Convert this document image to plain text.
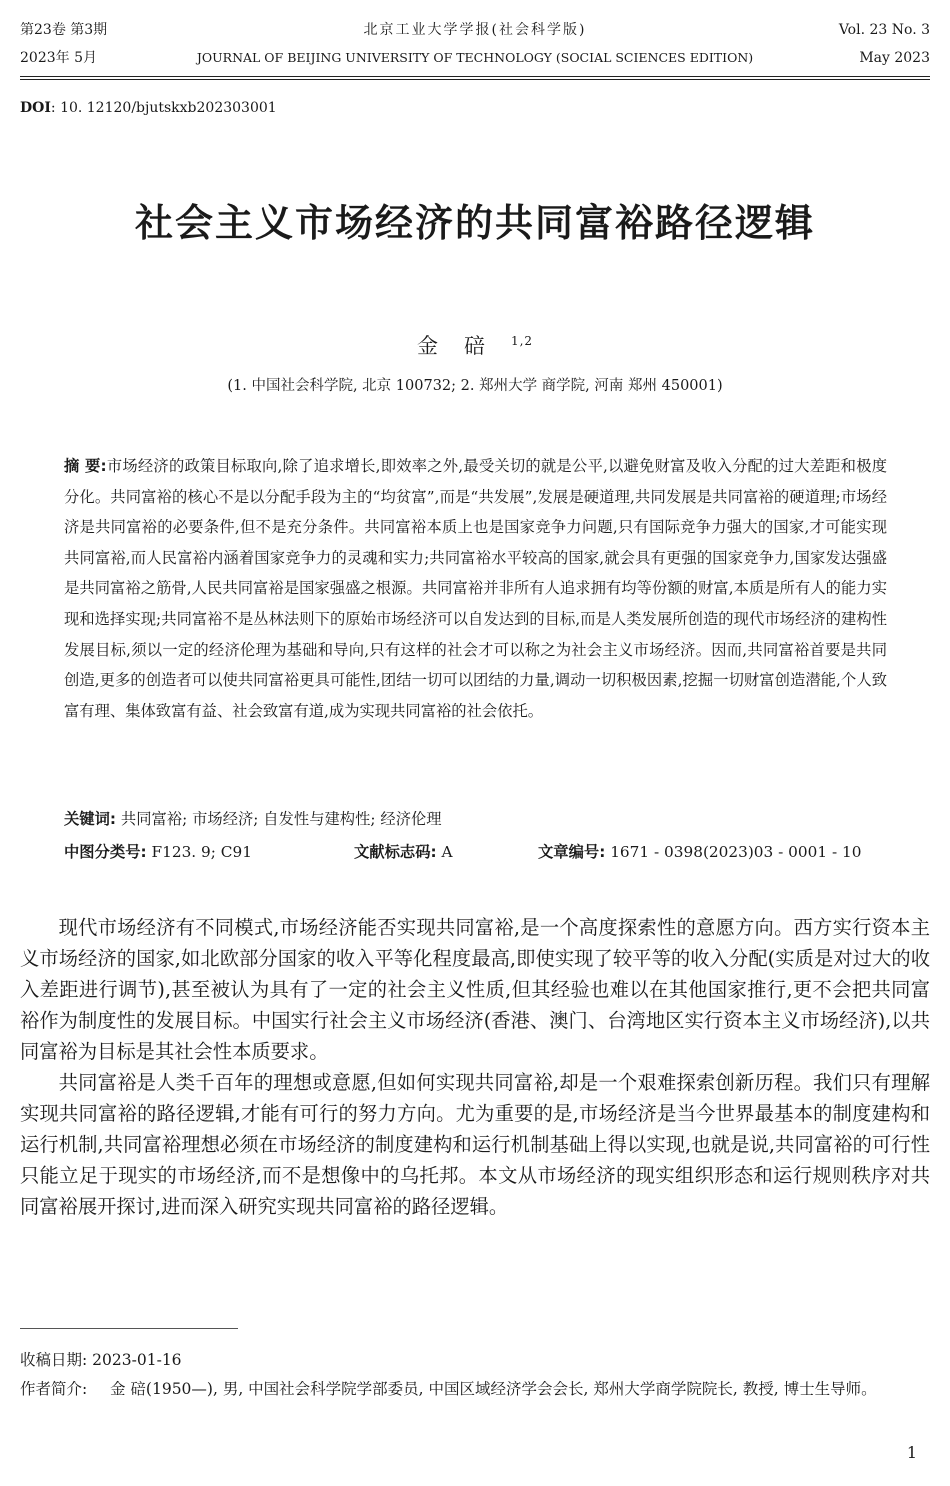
第23卷 第3期
2023年 5月
北京工业大学学报(社会科学版)
JOURNAL OF BEIJING UNIVERSITY OF TECHNOLOGY (SOCIAL SCIENCES EDITION)
Vol. 23 No. 3
May 2023
DOI: 10. 12120/bjutskxb202303001
社会主义市场经济的共同富裕路径逻辑
金碚$^{1,2}$
(1. 中国社会科学院, 北京 100732; 2. 郑州大学 商学院, 河南 郑州 450001)
摘 要:市场经济的政策目标取向,除了追求增长,即效率之外,最受关切的就是公平,以避免财富及收入分配的过大差距和极度分化。共同富裕的核心不是以分配手段为主的“均贫富”,而是“共发展”,发展是硬道理,共同发展是共同富裕的硬道理;市场经济是共同富裕的必要条件,但不是充分条件。共同富裕本质上也是国家竞争力问题,只有国际竞争力强大的国家,才可能实现共同富裕,而人民富裕内涵着国家竞争力的灵魂和实力;共同富裕水平较高的国家,就会具有更强的国家竞争力,国家发达强盛是共同富裕之筋骨,人民共同富裕是国家强盛之根源。共同富裕并非所有人追求拥有均等份额的财富,本质是所有人的能力实现和选择实现;共同富裕不是丛林法则下的原始市场经济可以自发达到的目标,而是人类发展所创造的现代市场经济的建构性发展目标,须以一定的经济伦理为基础和导向,只有这样的社会才可以称之为社会主义市场经济。因而,共同富裕首要是共同创造,更多的创造者可以使共同富裕更具可能性,团结一切可以团结的力量,调动一切积极因素,挖掘一切财富创造潜能,个人致富有理、集体致富有益、社会致富有道,成为实现共同富裕的社会依托。
关键词: 共同富裕; 市场经济; 自发性与建构性; 经济伦理
中图分类号: F123. 9; C91	文献标志码: A	文章编号: 1671 - 0398(2023)03 - 0001 - 10

现代市场经济有不同模式,市场经济能否实现共同富裕,是一个高度探索性的意愿方向。西方实行资本主义市场经济的国家,如北欧部分国家的收入平等化程度最高,即使实现了较平等的收入分配(实质是对过大的收入差距进行调节),甚至被认为具有了一定的社会主义性质,但其经验也难以在其他国家推行,更不会把共同富裕作为制度性的发展目标。中国实行社会主义市场经济(香港、澳门、台湾地区实行资本主义市场经济),以共同富裕为目标是其社会性本质要求。

共同富裕是人类千百年的理想或意愿,但如何实现共同富裕,却是一个艰难探索创新历程。我们只有理解实现共同富裕的路径逻辑,才能有可行的努力方向。尤为重要的是,市场经济是当今世界最基本的制度建构和运行机制,共同富裕理想必须在市场经济的制度建构和运行机制基础上得以实现,也就是说,共同富裕的可行性只能立足于现实的市场经济,而不是想像中的乌托邦。本文从市场经济的现实组织形态和运行规则秩序对共同富裕展开探讨,进而深入研究实现共同富裕的路径逻辑。

收稿日期: 2023-01-16
作者简介: 金 碚(1950—), 男, 中国社会科学院学部委员, 中国区域经济学会会长, 郑州大学商学院院长, 教授, 博士生导师。
1
